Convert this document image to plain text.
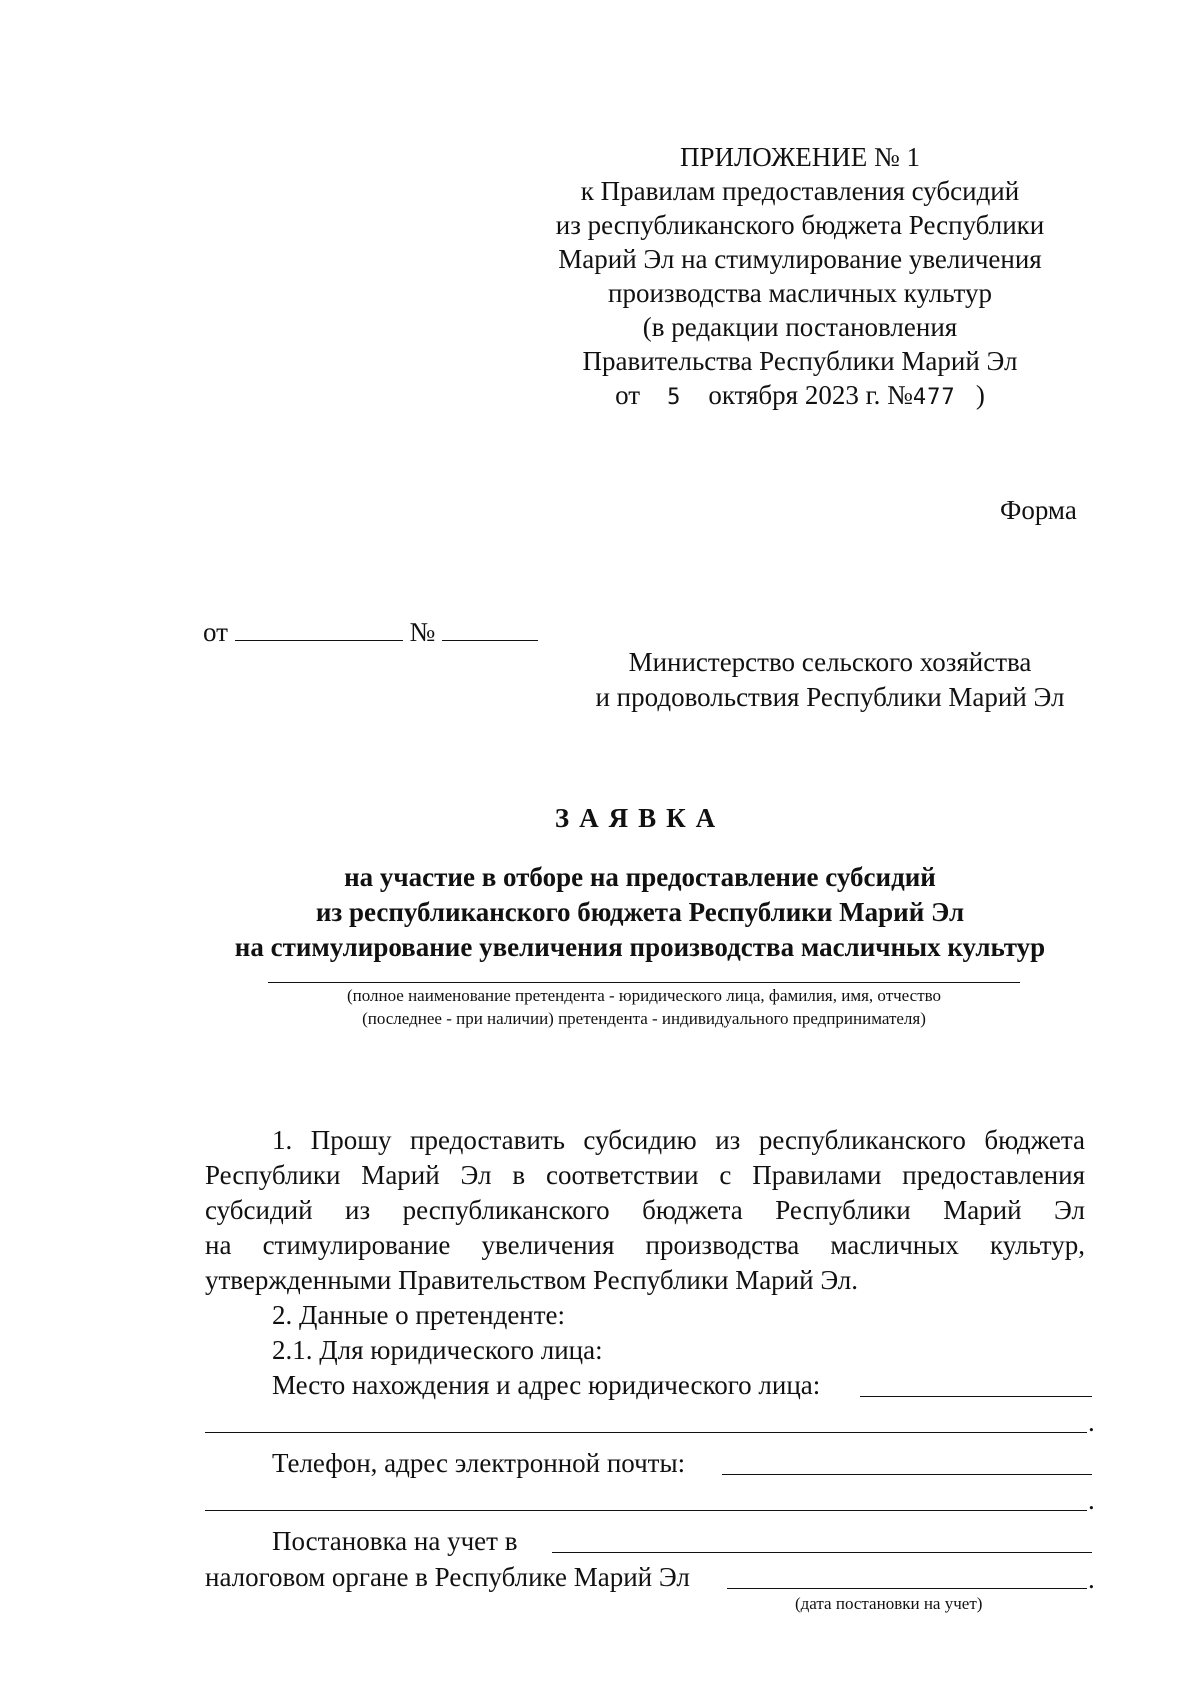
ПРИЛОЖЕНИЕ № 1
к Правилам предоставления субсидий
из республиканского бюджета Республики
Марий Эл на стимулирование увеличения
производства масличных культур
(в редакции постановления
Правительства Республики Марий Эл
от 5 октября 2023 г. №477 )
Форма
от	№
Министерство сельского хозяйства
и продовольствия Республики Марий Эл
ЗАЯВКА
на участие в отборе на предоставление субсидий
из республиканского бюджета Республики Марий Эл
на стимулирование увеличения производства масличных культур
(полное наименование претендента - юридического лица, фамилия, имя, отчество
(последнее - при наличии) претендента - индивидуального предпринимателя)
1. Прошу предоставить субсидию из республиканского бюджета
Республики Марий Эл в соответствии с Правилами предоставления
субсидий из республиканского бюджета Республики Марий Эл
на стимулирование увеличения производства масличных культур,
утвержденными Правительством Республики Марий Эл.
2. Данные о претенденте:
2.1. Для юридического лица:
Место нахождения и адрес юридического лица:
.
Телефон, адрес электронной почты:
.
Постановка на учет в
налоговом органе в Республике Марий Эл	.
(дата постановки на учет)
